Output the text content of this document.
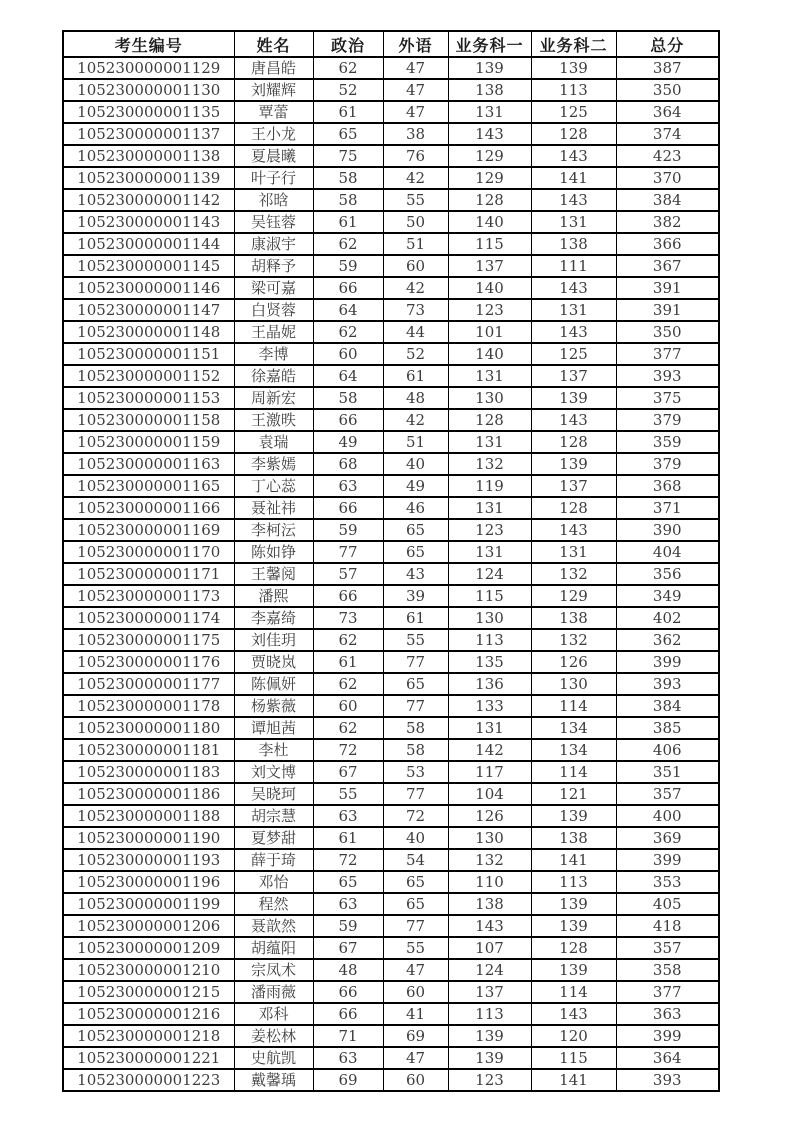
考生编号	姓名	政治	外语	业务科一	业务科二	总分
105230000001129	唐昌皓	62	47	139	139	387
105230000001130	刘耀辉	52	47	138	113	350
105230000001135	覃蕾	61	47	131	125	364
105230000001137	王小龙	65	38	143	128	374
105230000001138	夏晨曦	75	76	129	143	423
105230000001139	叶子行	58	42	129	141	370
105230000001142	祁晗	58	55	128	143	384
105230000001143	吴钰蓉	61	50	140	131	382
105230000001144	康淑宇	62	51	115	138	366
105230000001145	胡释予	59	60	137	111	367
105230000001146	梁可嘉	66	42	140	143	391
105230000001147	白贤蓉	64	73	123	131	391
105230000001148	王晶妮	62	44	101	143	350
105230000001151	李博	60	52	140	125	377
105230000001152	徐嘉皓	64	61	131	137	393
105230000001153	周新宏	58	48	130	139	375
105230000001158	王激昳	66	42	128	143	379
105230000001159	袁瑞	49	51	131	128	359
105230000001163	李紫嫣	68	40	132	139	379
105230000001165	丁心蕊	63	49	119	137	368
105230000001166	聂祉祎	66	46	131	128	371
105230000001169	李柯沄	59	65	123	143	390
105230000001170	陈如铮	77	65	131	131	404
105230000001171	王馨阅	57	43	124	132	356
105230000001173	潘熙	66	39	115	129	349
105230000001174	李嘉绮	73	61	130	138	402
105230000001175	刘佳玥	62	55	113	132	362
105230000001176	贾晓岚	61	77	135	126	399
105230000001177	陈佩妍	62	65	136	130	393
105230000001178	杨紫薇	60	77	133	114	384
105230000001180	谭旭茜	62	58	131	134	385
105230000001181	李杜	72	58	142	134	406
105230000001183	刘文博	67	53	117	114	351
105230000001186	吴晓珂	55	77	104	121	357
105230000001188	胡宗慧	63	72	126	139	400
105230000001190	夏梦甜	61	40	130	138	369
105230000001193	薛于琦	72	54	132	141	399
105230000001196	邓怡	65	65	110	113	353
105230000001199	程然	63	65	138	139	405
105230000001206	聂歆然	59	77	143	139	418
105230000001209	胡蕴阳	67	55	107	128	357
105230000001210	宗凤术	48	47	124	139	358
105230000001215	潘雨薇	66	60	137	114	377
105230000001216	邓科	66	41	113	143	363
105230000001218	姜松林	71	69	139	120	399
105230000001221	史航凯	63	47	139	115	364
105230000001223	戴馨瑀	69	60	123	141	393
